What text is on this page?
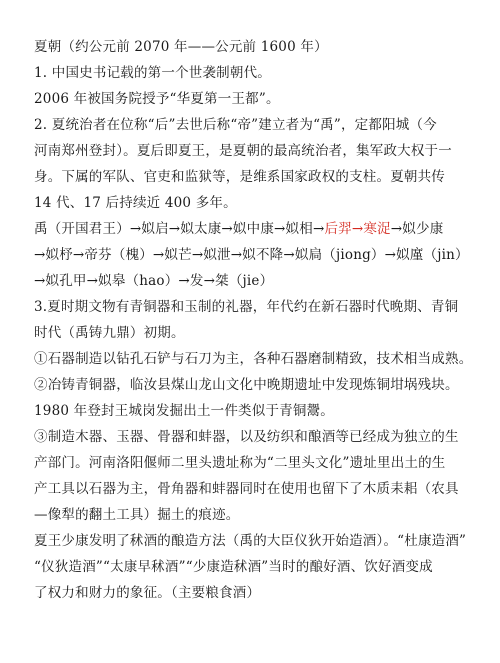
夏朝（约公元前 2070 年——公元前 1600 年）
1. 中国史书记载的第一个世袭制朝代。
2006 年被国务院授予“华夏第一王都”。
2. 夏统治者在位称“后”去世后称“帝”建立者为“禹”，定都阳城（今
河南郑州登封）。夏后即夏王，是夏朝的最高统治者，集军政大权于一
身。下属的军队、官吏和监狱等，是维系国家政权的支柱。夏朝共传
14 代、17 后持续近 400 多年。
禹（开国君王）→姒启→姒太康→姒中康→姒相→后羿→寒浞→姒少康
→姒杼→帝芬（槐）→姒芒→姒泄→姒不降→姒扃（jiong）→姒廑（jin）
→姒孔甲→姒皋（hao）→发→桀（jie）
3.夏时期文物有青铜器和玉制的礼器，年代约在新石器时代晚期、青铜
时代（禹铸九鼎）初期。
①石器制造以钻孔石铲与石刀为主，各种石器磨制精致，技术相当成熟。
②冶铸青铜器，临汝县煤山龙山文化中晚期遗址中发现炼铜坩埚残块。
1980 年登封王城岗发掘出土一件类似于青铜鬶。
③制造木器、玉器、骨器和蚌器，以及纺织和酿酒等已经成为独立的生
产部门。河南洛阳偃师二里头遗址称为“二里头文化”遗址里出土的生
产工具以石器为主，骨角器和蚌器同时在使用也留下了木质耒耜（农具
—像犁的翻土工具）掘土的痕迹。
夏王少康发明了秫酒的酿造方法（禹的大臣仪狄开始造酒）。“杜康造酒”
“仪狄造酒”“太康早秫酒”“少康造秫酒”当时的酿好酒、饮好酒变成
了权力和财力的象征。（主要粮食酒）
